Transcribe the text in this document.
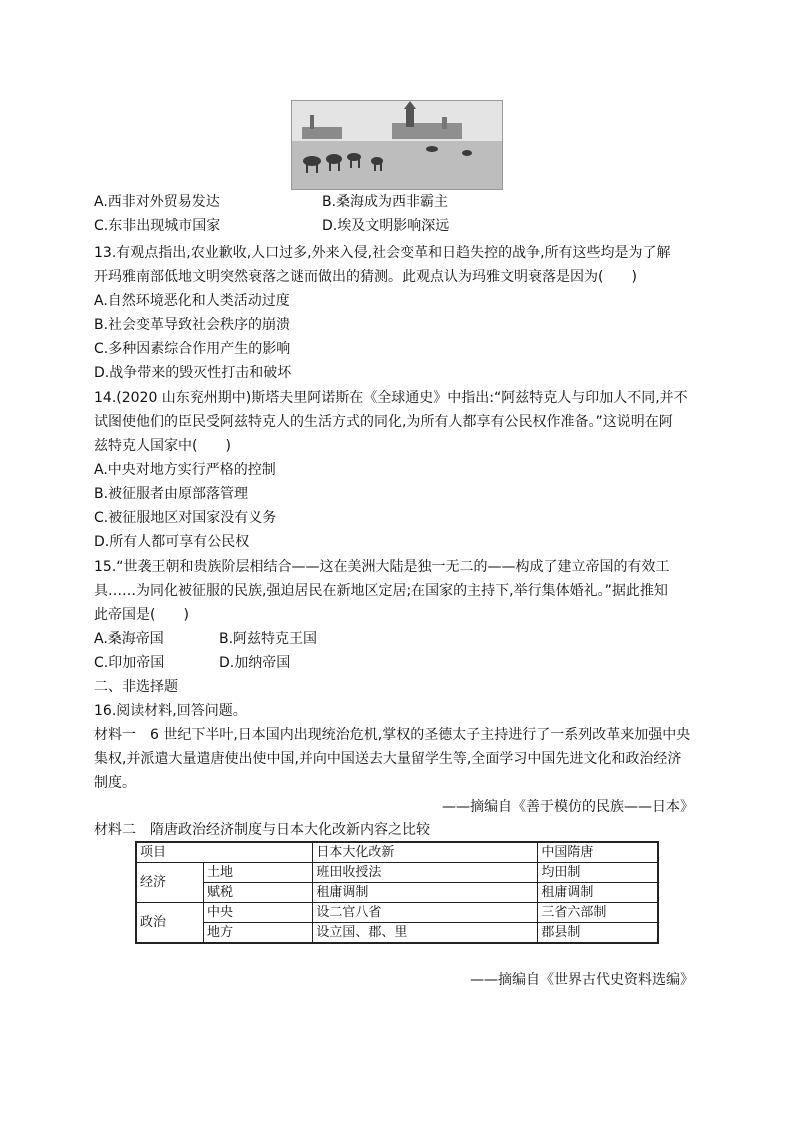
A.西非对外贸易发达	B.桑海成为西非霸主
C.东非出现城市国家	D.埃及文明影响深远
13.有观点指出,农业歉收,人口过多,外来入侵,社会变革和日趋失控的战争,所有这些均是为了解
开玛雅南部低地文明突然衰落之谜而做出的猜测。此观点认为玛雅文明衰落是因为(　　)
A.自然环境恶化和人类活动过度
B.社会变革导致社会秩序的崩溃
C.多种因素综合作用产生的影响
D.战争带来的毁灭性打击和破坏
14.(2020 山东兖州期中)斯塔夫里阿诺斯在《全球通史》中指出:“阿兹特克人与印加人不同,并不
试图使他们的臣民受阿兹特克人的生活方式的同化,为所有人都享有公民权作准备。”这说明在阿
兹特克人国家中(　　)
A.中央对地方实行严格的控制
B.被征服者由原部落管理
C.被征服地区对国家没有义务
D.所有人都可享有公民权
15.“世袭王朝和贵族阶层相结合——这在美洲大陆是独一无二的——构成了建立帝国的有效工
具……为同化被征服的民族,强迫居民在新地区定居;在国家的主持下,举行集体婚礼。”据此推知
此帝国是(　　)
A.桑海帝国	B.阿兹特克王国
C.印加帝国	D.加纳帝国
二、非选择题
16.阅读材料,回答问题。
材料一　6 世纪下半叶,日本国内出现统治危机,掌权的圣德太子主持进行了一系列改革来加强中央
集权,并派遣大量遣唐使出使中国,并向中国送去大量留学生等,全面学习中国先进文化和政治经济
制度。
——摘编自《善于模仿的民族——日本》
材料二　隋唐政治经济制度与日本大化改新内容之比较
项目		日本大化改新	中国隋唐
经济	土地	班田收授法	均田制
	赋税	租庸调制	租庸调制
政治	中央	设二官八省	三省六部制
	地方	设立国、郡、里	郡县制
——摘编自《世界古代史资料选编》
